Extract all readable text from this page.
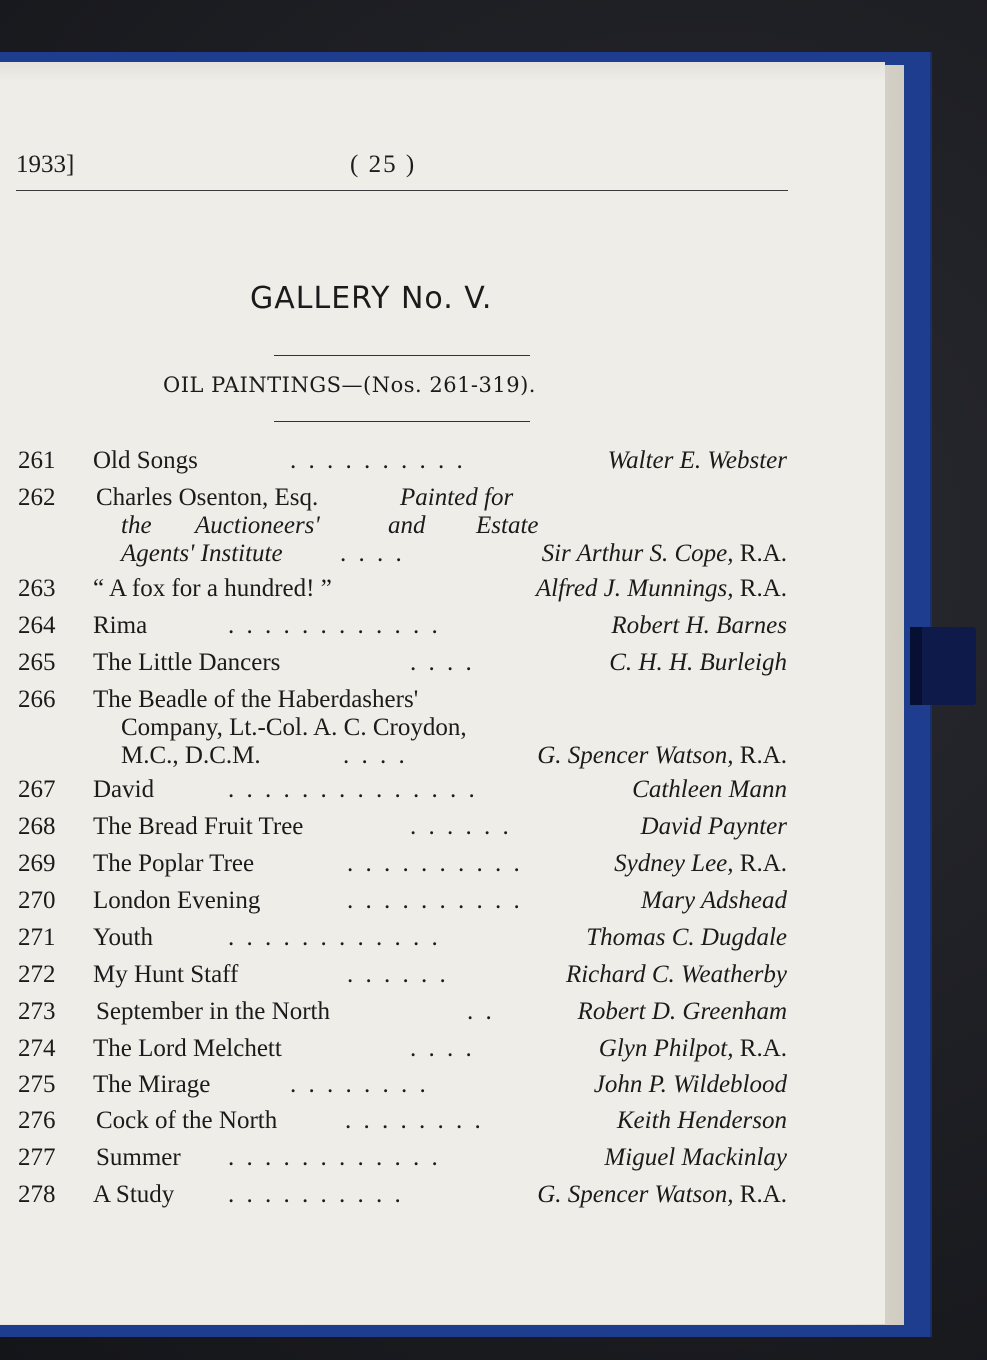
1933]	( 25 )
GALLERY No. V.
OIL PAINTINGS—(Nos. 261-319).
261 Old Songs	. . . . . . . . . .	Walter E. Webster
262 Charles Osenton, Esq.	Painted for
the Auctioneers'	and Estate
Agents' Institute . . . .	Sir Arthur S. Cope, R.A.
263 “ A fox for a hundred! ”	Alfred J. Munnings, R.A.
264 Rima	. . . . . . . . . . . .	Robert H. Barnes
265 The Little Dancers	. . . .	C. H. H. Burleigh
266 The Beadle of the Haberdashers'
Company, Lt.-Col. A. C. Croydon,
M.C., D.C.M.	. . . .	G. Spencer Watson, R.A.
267 David	. . . . . . . . . . . . . .	Cathleen Mann
268 The Bread Fruit Tree	. . . . . .	David Paynter
269 The Poplar Tree	. . . . . . . . . .	Sydney Lee, R.A.
270 London Evening	. . . . . . . . . .	Mary Adshead
271 Youth	. . . . . . . . . . . .	Thomas C. Dugdale
272 My Hunt Staff	. . . . . .	Richard C. Weatherby
273 September in the North	. .	Robert D. Greenham
274 The Lord Melchett	. . . .	Glyn Philpot, R.A.
275 The Mirage	. . . . . . . .	John P. Wildeblood
276 Cock of the North	. . . . . . . .	Keith Henderson
277 Summer . . . . . . . . . . . .	Miguel Mackinlay
278 A Study . . . . . . . . . .	G. Spencer Watson, R.A.
